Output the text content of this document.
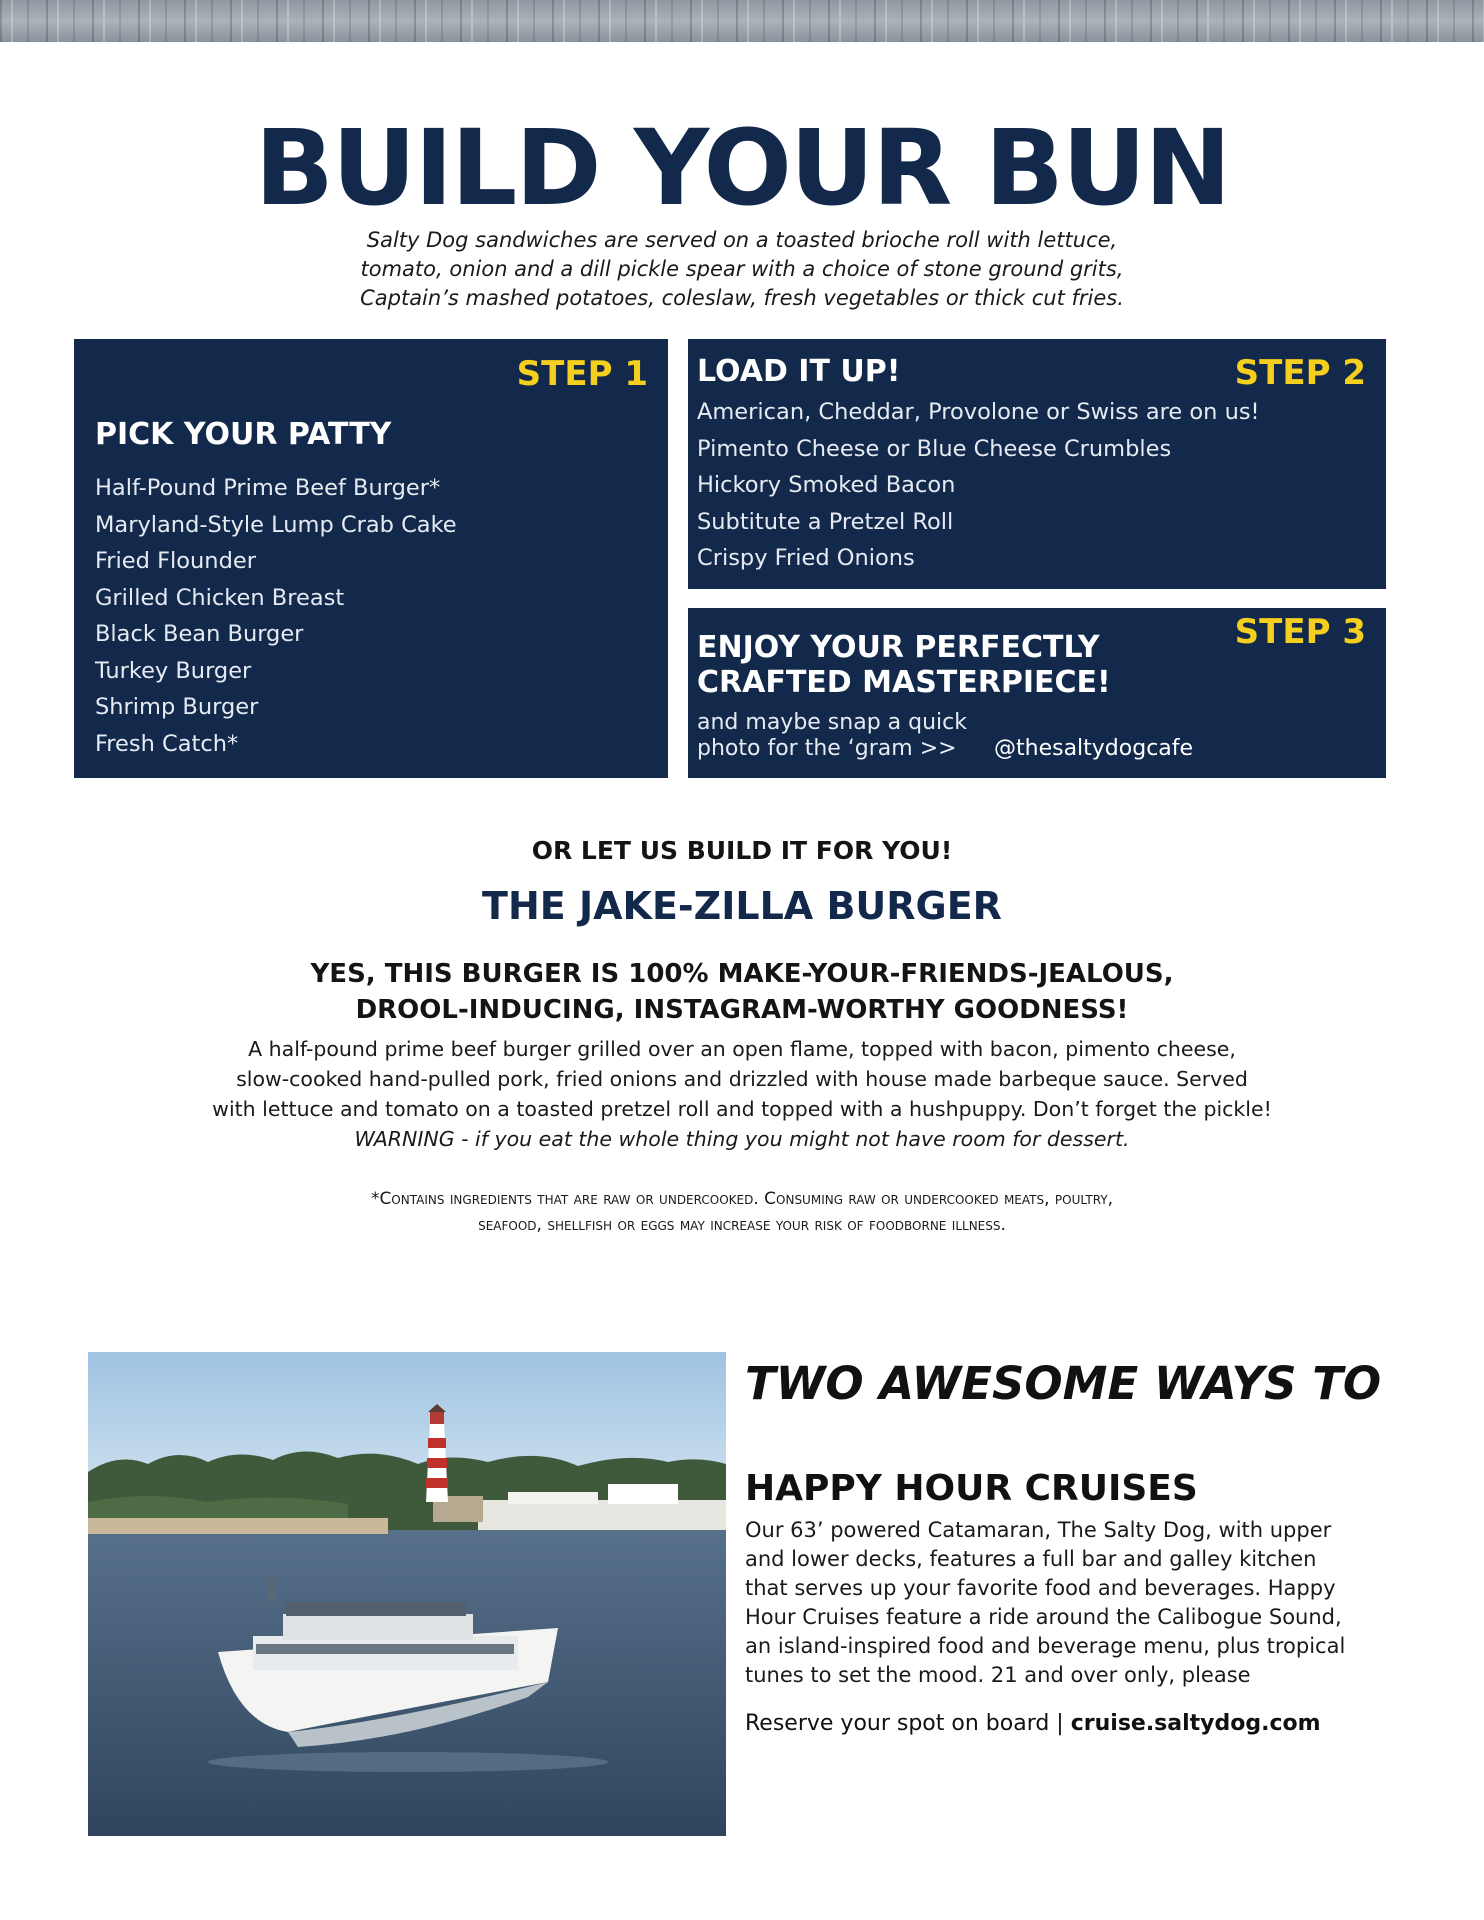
BUILD YOUR BUN

Salty Dog sandwiches are served on a toasted brioche roll with lettuce,
tomato, onion and a dill pickle spear with a choice of stone ground grits,
Captain’s mashed potatoes, coleslaw, fresh vegetables or thick cut fries.

STEP 1
PICK YOUR PATTY
Half-Pound Prime Beef Burger*
Maryland-Style Lump Crab Cake
Fried Flounder
Grilled Chicken Breast
Black Bean Burger
Turkey Burger
Shrimp Burger
Fresh Catch*
STEP 2
LOAD IT UP!
American, Cheddar, Provolone or Swiss are on us!
Pimento Cheese or Blue Cheese Crumbles
Hickory Smoked Bacon
Subtitute a Pretzel Roll
Crispy Fried Onions
STEP 3
ENJOY YOUR PERFECTLY
CRAFTED MASTERPIECE!
and maybe snap a quick
photo for the ‘gram >>	@thesaltydogcafe

OR LET US BUILD IT FOR YOU!

THE JAKE-ZILLA BURGER

YES, THIS BURGER IS 100% MAKE-YOUR-FRIENDS-JEALOUS,
DROOL-INDUCING, INSTAGRAM-WORTHY GOODNESS!

A half-pound prime beef burger grilled over an open flame, topped with bacon, pimento cheese,
slow-cooked hand-pulled pork, fried onions and drizzled with house made barbeque sauce. Served
with lettuce and tomato on a toasted pretzel roll and topped with a hushpuppy. Don’t forget the pickle!
WARNING - if you eat the whole thing you might not have room for dessert.

*Contains ingredients that are raw or undercooked. Consuming raw or undercooked meats, poultry,
seafood, shellfish or eggs may increase your risk of foodborne illness.

TWO AWESOME WAYS TO
HAPPY HOUR CRUISES
Our 63’ powered Catamaran, The Salty Dog, with upper
and lower decks, features a full bar and galley kitchen
that serves up your favorite food and beverages. Happy
Hour Cruises feature a ride around the Calibogue Sound,
an island-inspired food and beverage menu, plus tropical
tunes to set the mood. 21 and over only, please
Reserve your spot on board | cruise.saltydog.com
